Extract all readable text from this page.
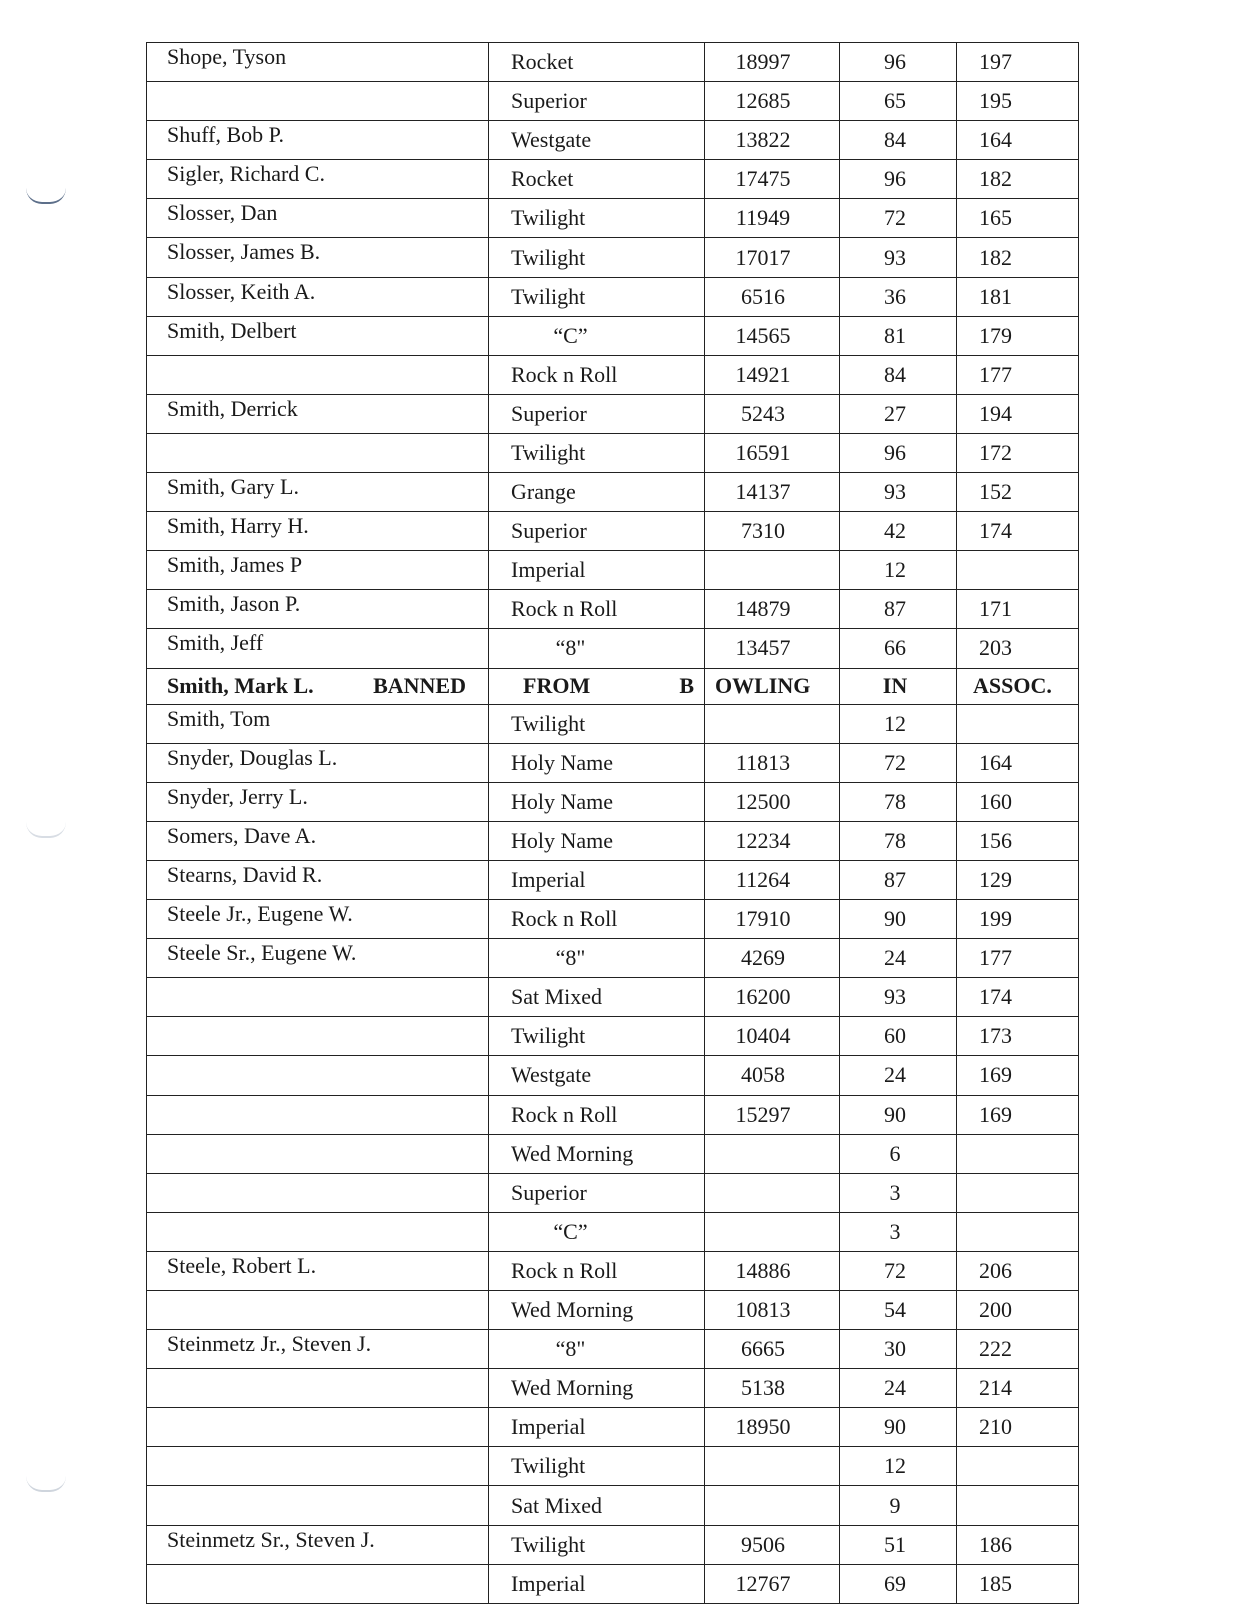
Shope, Tyson	Rocket	18997	96	197
	Superior	12685	65	195
Shuff, Bob P.	Westgate	13822	84	164
Sigler, Richard C.	Rocket	17475	96	182
Slosser, Dan	Twilight	11949	72	165
Slosser, James B.	Twilight	17017	93	182
Slosser, Keith A.	Twilight	6516	36	181
Smith, Delbert	“C”	14565	81	179
	Rock n Roll	14921	84	177
Smith, Derrick	Superior	5243	27	194
	Twilight	16591	96	172
Smith, Gary L.	Grange	14137	93	152
Smith, Harry H.	Superior	7310	42	174
Smith, James P	Imperial		12	
Smith, Jason P.	Rock n Roll	14879	87	171
Smith, Jeff	“8"	13457	66	203

Smith, Mark L. BANNED	FROM B	OWLING	IN	ASSOC.
Smith, Tom	Twilight		12	
Snyder, Douglas L.	Holy Name	11813	72	164
Snyder, Jerry L.	Holy Name	12500	78	160
Somers, Dave A.	Holy Name	12234	78	156
Stearns, David R.	Imperial	11264	87	129
Steele Jr., Eugene W.	Rock n Roll	17910	90	199
Steele Sr., Eugene W.	“8"	4269	24	177
	Sat Mixed	16200	93	174
	Twilight	10404	60	173
	Westgate	4058	24	169
	Rock n Roll	15297	90	169
	Wed Morning		6	
	Superior		3	
	“C”		3	
Steele, Robert L.	Rock n Roll	14886	72	206
	Wed Morning	10813	54	200
Steinmetz Jr., Steven J.	“8"	6665	30	222
	Wed Morning	5138	24	214
	Imperial	18950	90	210
	Twilight		12	
	Sat Mixed		9	
Steinmetz Sr., Steven J.	Twilight	9506	51	186
	Imperial	12767	69	185
